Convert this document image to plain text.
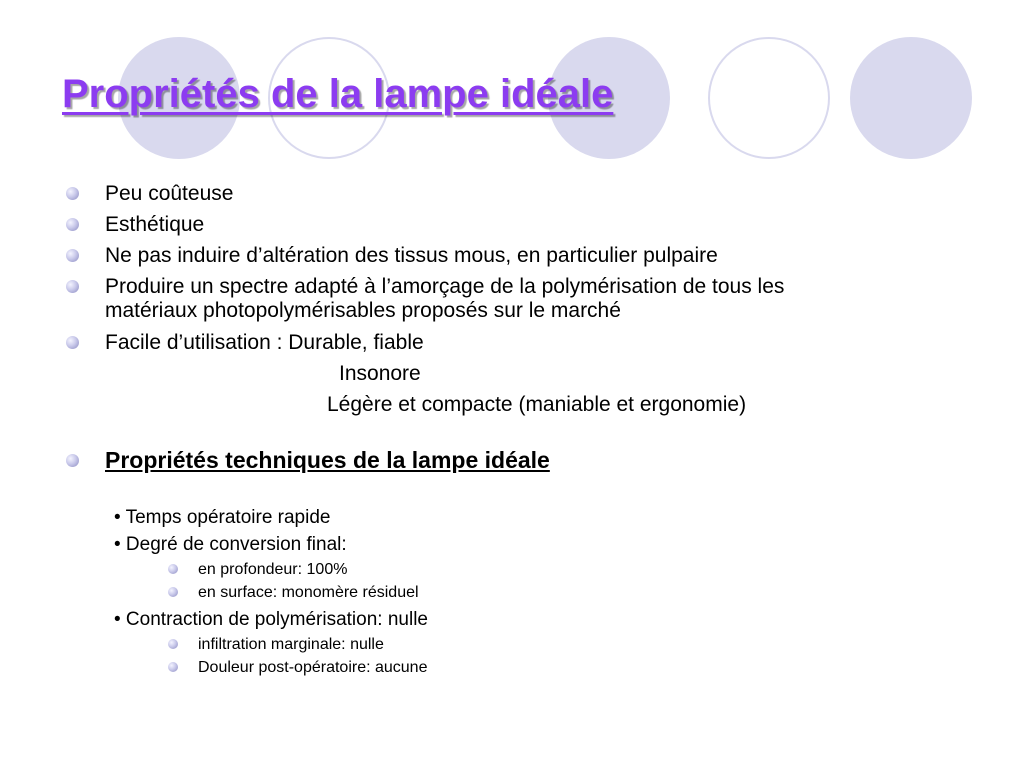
Propriétés de la lampe idéale
Peu coûteuse
Esthétique
Ne pas induire d’altération des tissus mous, en particulier pulpaire
Produire un spectre adapté à l’amorçage de la polymérisation de tous les
matériaux photopolymérisables proposés sur le marché
Facile d’utilisation : Durable, fiable
Insonore
Légère et compacte (maniable et ergonomie)
Propriétés techniques de la lampe idéale
• Temps opératoire rapide
• Degré de conversion final:
en profondeur: 100%
en surface: monomère résiduel
• Contraction de polymérisation: nulle
infiltration marginale: nulle
Douleur post-opératoire: aucune
